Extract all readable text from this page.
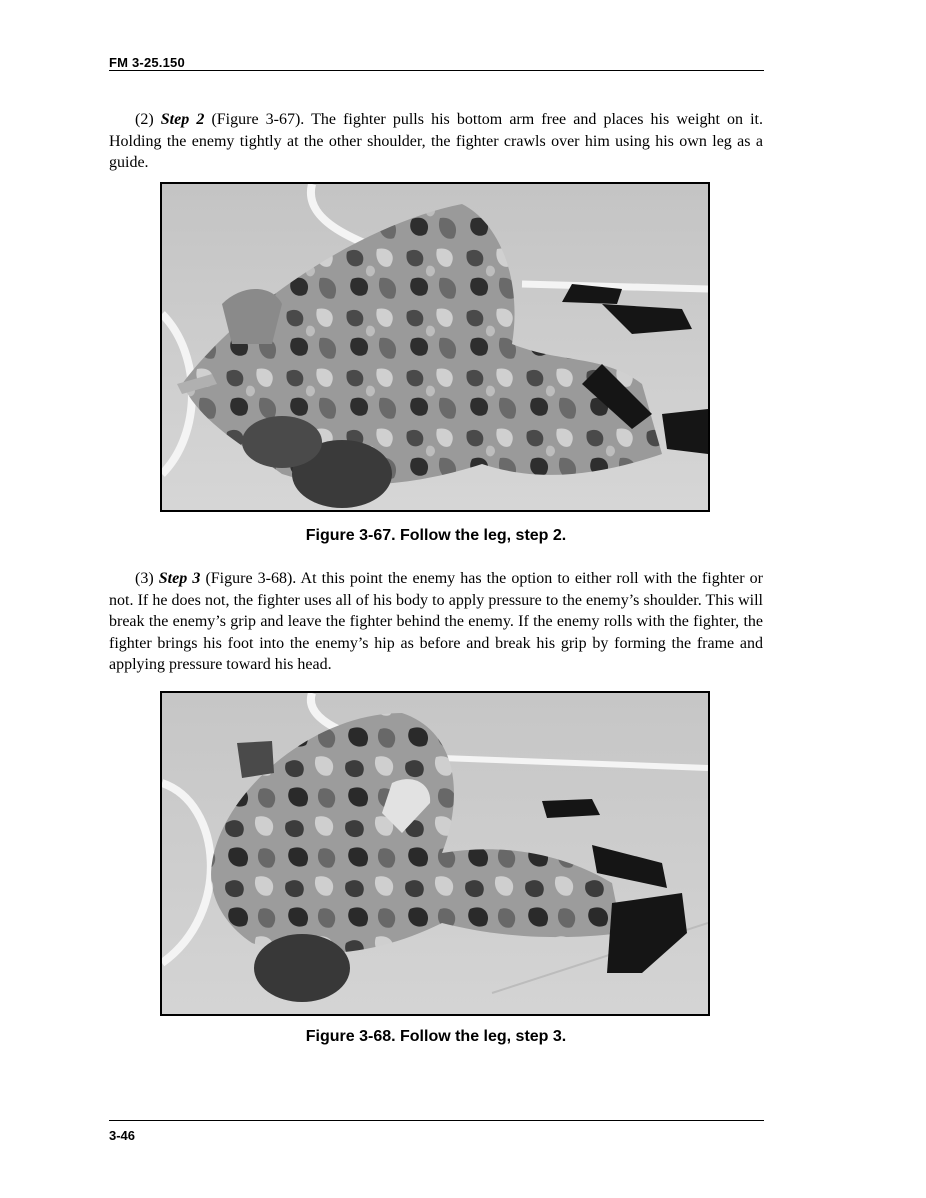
FM 3-25.150
(2) Step 2 (Figure 3-67). The fighter pulls his bottom arm free and places his weight on it. Holding the enemy tightly at the other shoulder, the fighter crawls over him using his own leg as a guide.
Figure 3-67. Follow the leg, step 2.
(3) Step 3 (Figure 3-68). At this point the enemy has the option to either roll with the fighter or not. If he does not, the fighter uses all of his body to apply pressure to the enemy’s shoulder. This will break the enemy’s grip and leave the fighter behind the enemy. If the enemy rolls with the fighter, the fighter brings his foot into the enemy’s hip as before and break his grip by forming the frame and applying pressure toward his head.
Figure 3-68. Follow the leg, step 3.
3-46
